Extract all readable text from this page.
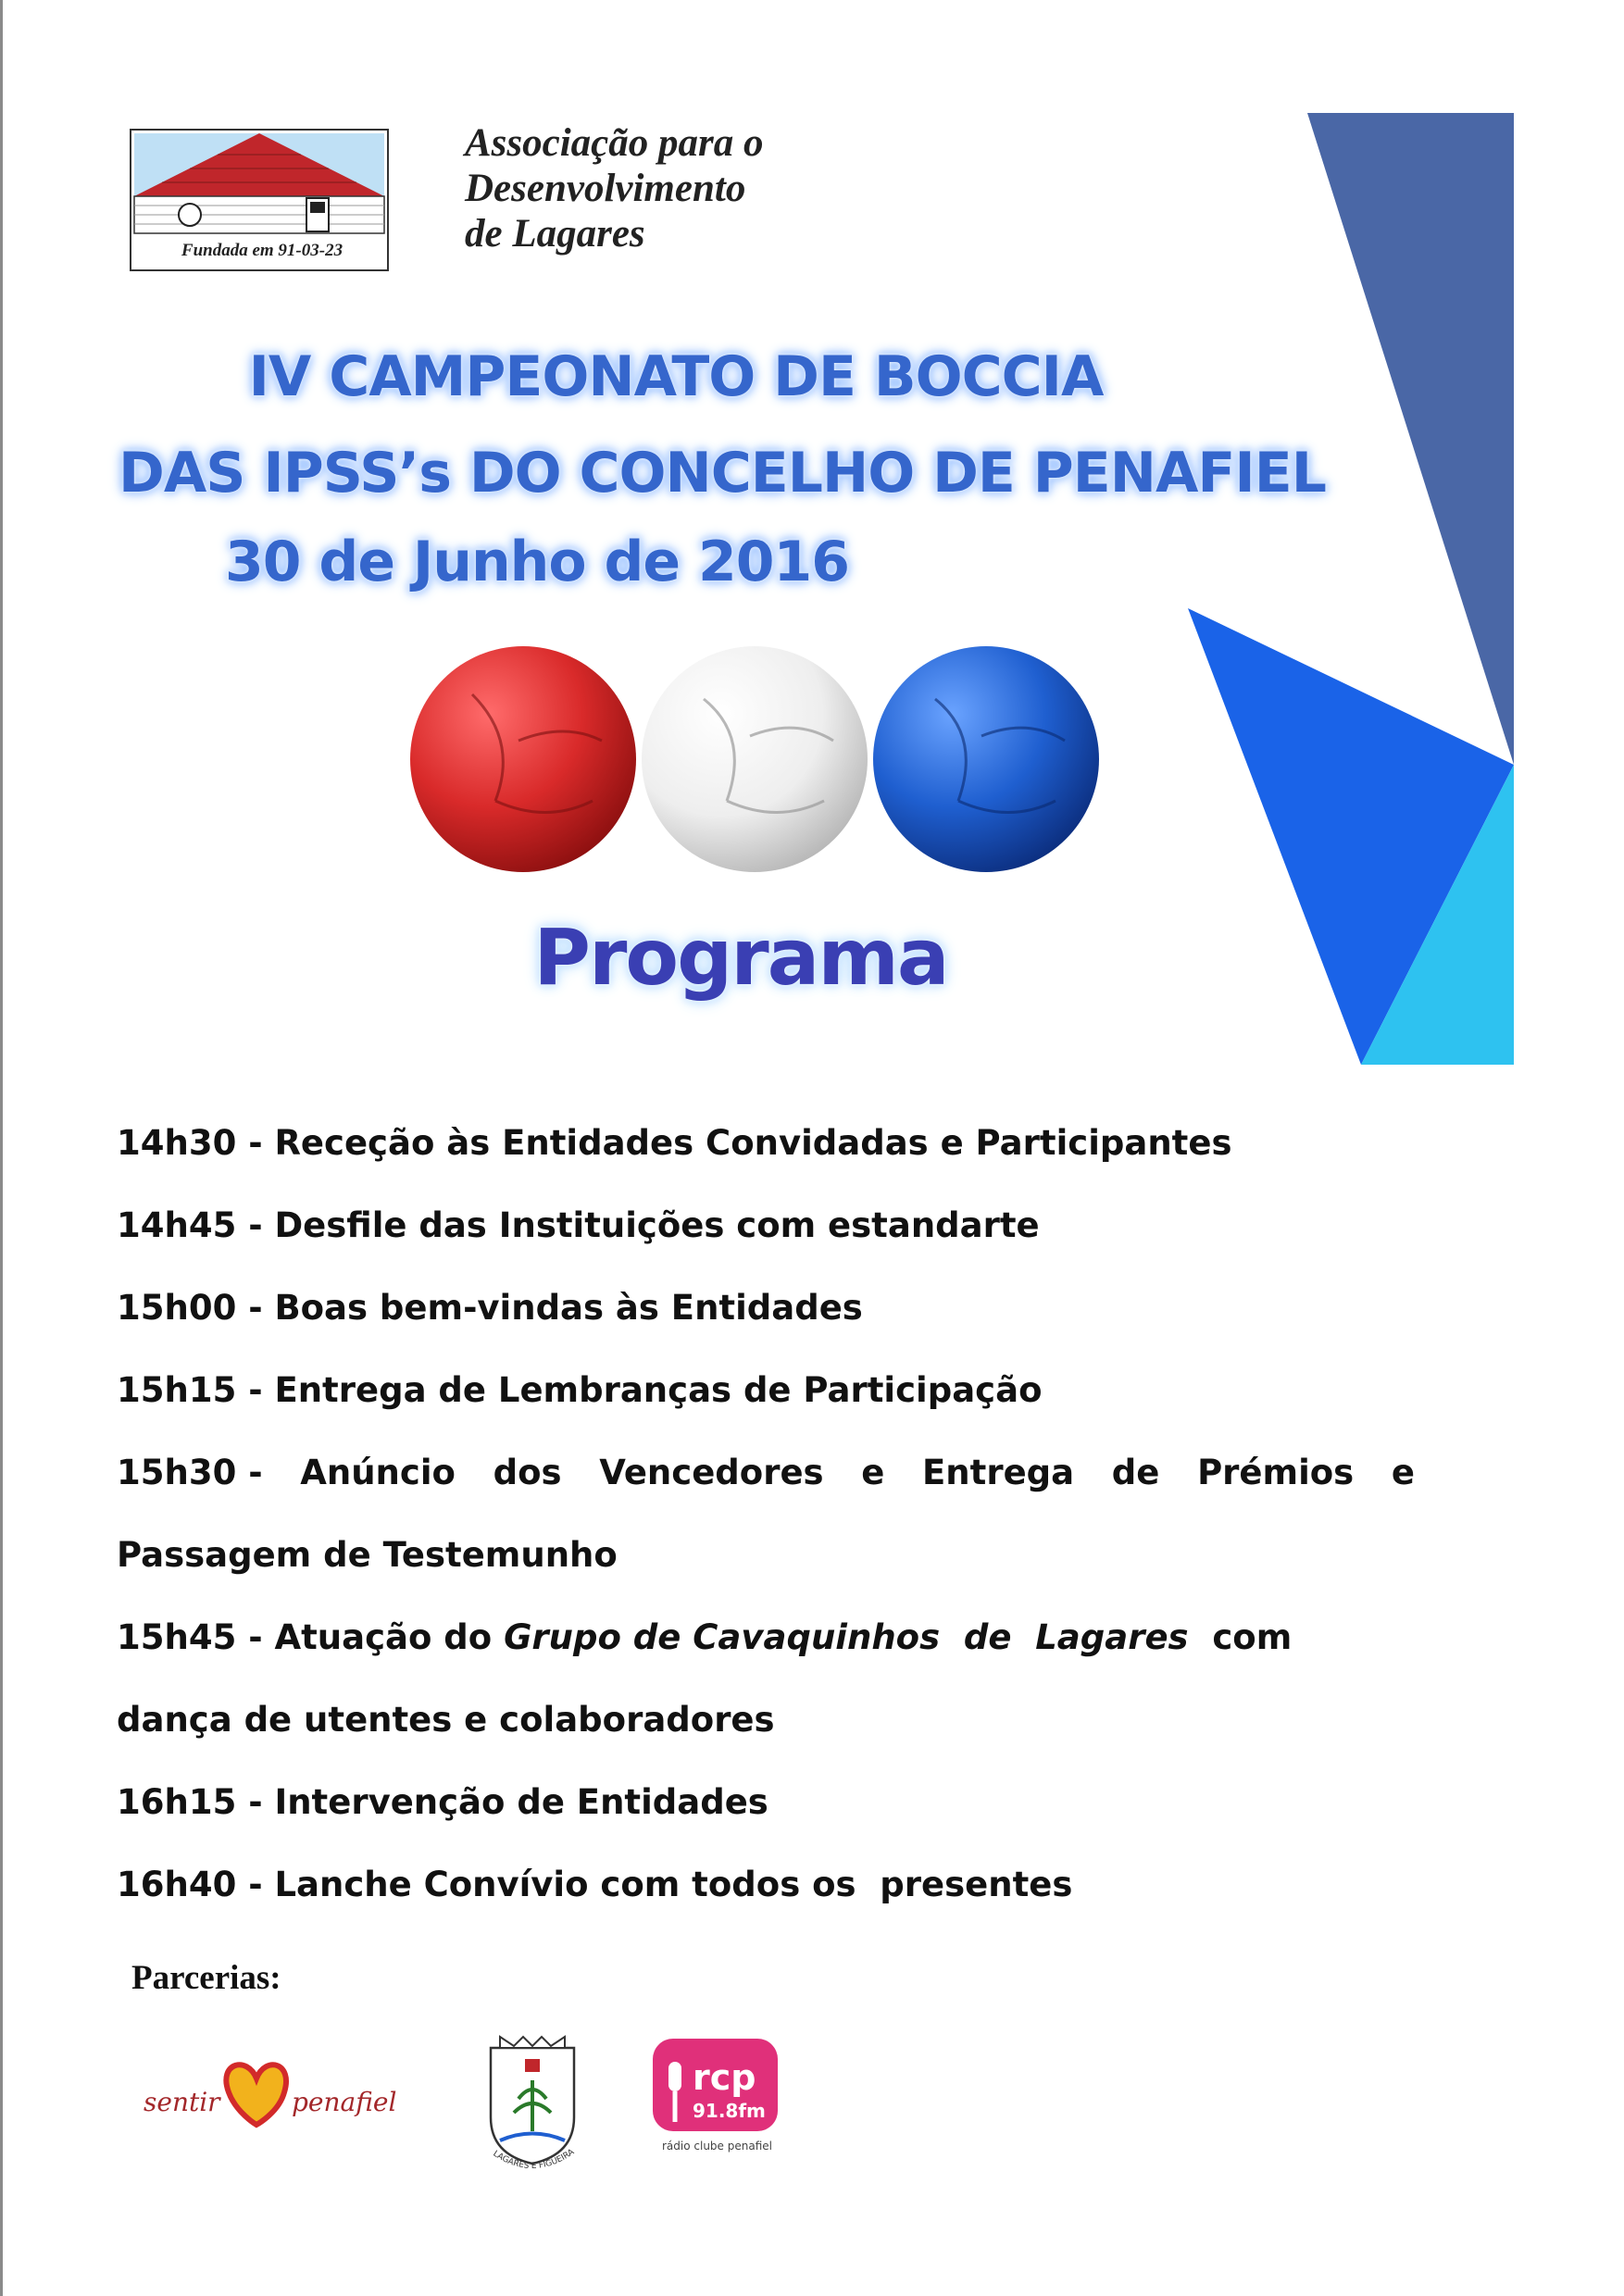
Fundada em 91-03-23
Associação para o
Desenvolvimento
de Lagares
IV CAMPEONATO DE BOCCIA
DAS IPSS’s DO CONCELHO DE PENAFIEL
30 de Junho de 2016
Programa
14h30 - Receção às Entidades Convidadas e Participantes
14h45 - Desfile das Instituições com estandarte
15h00 - Boas bem-vindas às Entidades
15h15 - Entrega de Lembranças de Participação
15h30 - Anúncio dos Vencedores e Entrega de Prémios e
Passagem de Testemunho
15h45 - Atuação do Grupo de Cavaquinhos  de  Lagares  com
dança de utentes e colaboradores
16h15 - Intervenção de Entidades
16h40 - Lanche Convívio com todos os  presentes
Parcerias:
sentir	penafiel
LAGARES E FIGUEIRA
rcp
91.8fm
rádio clube penafiel
